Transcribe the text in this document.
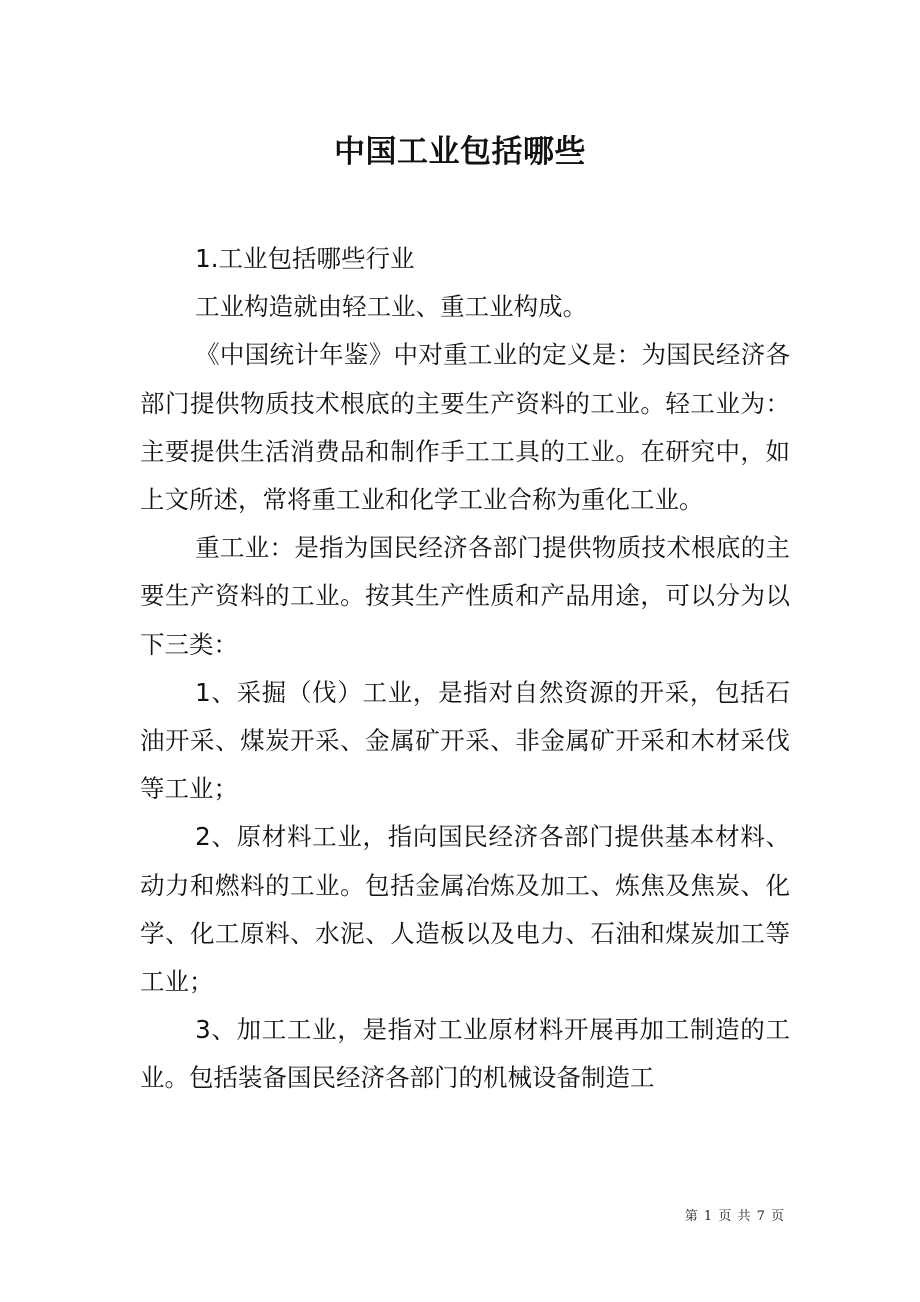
中国工业包括哪些

1.工业包括哪些行业

工业构造就由轻工业、重工业构成。

《中国统计年鉴》中对重工业的定义是：为国民经济各部门提供物质技术根底的主要生产资料的工业。轻工业为：主要提供生活消费品和制作手工工具的工业。在研究中，如上文所述，常将重工业和化学工业合称为重化工业。

重工业：是指为国民经济各部门提供物质技术根底的主要生产资料的工业。按其生产性质和产品用途，可以分为以下三类：

1、采掘（伐）工业，是指对自然资源的开采，包括石油开采、煤炭开采、金属矿开采、非金属矿开采和木材采伐等工业；

2、原材料工业，指向国民经济各部门提供基本材料、动力和燃料的工业。包括金属冶炼及加工、炼焦及焦炭、化学、化工原料、水泥、人造板以及电力、石油和煤炭加工等工业；

3、加工工业，是指对工业原材料开展再加工制造的工业。包括装备国民经济各部门的机械设备制造工

第 1 页 共 7 页
